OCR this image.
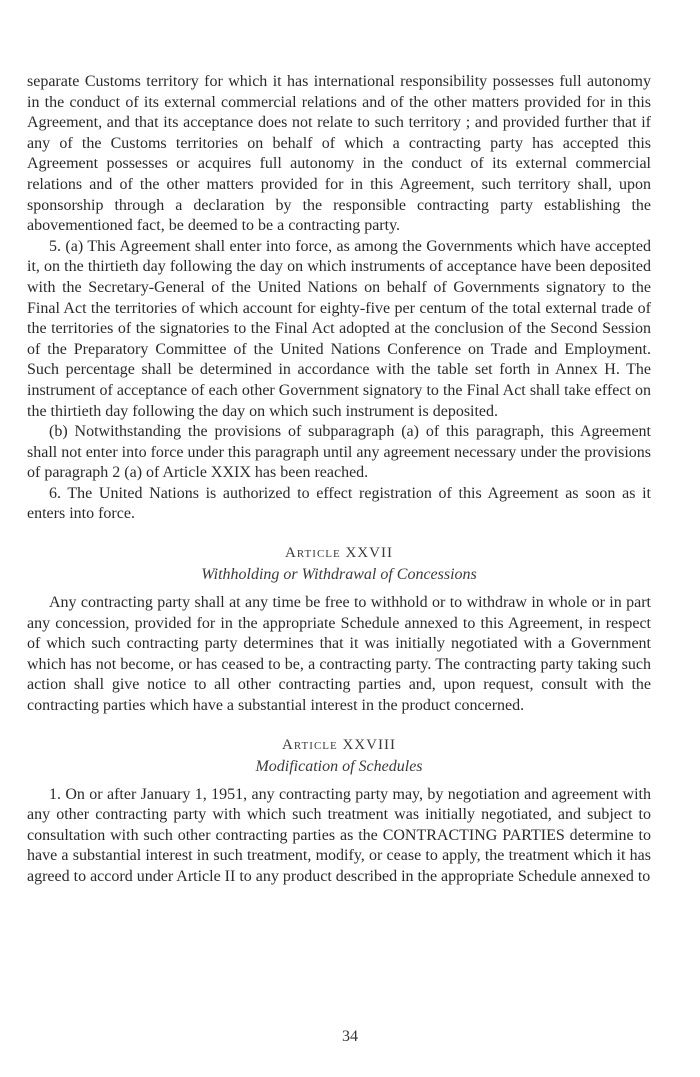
separate Customs territory for which it has international responsibility possesses full autonomy in the conduct of its external commercial relations and of the other matters provided for in this Agreement, and that its acceptance does not relate to such territory ; and provided further that if any of the Customs territories on behalf of which a contracting party has accepted this Agreement possesses or acquires full autonomy in the conduct of its external commercial relations and of the other matters provided for in this Agreement, such territory shall, upon sponsorship through a declaration by the responsible contracting party establishing the abovementioned fact, be deemed to be a contracting party.

5. (a) This Agreement shall enter into force, as among the Governments which have accepted it, on the thirtieth day following the day on which instruments of acceptance have been deposited with the Secretary-General of the United Nations on behalf of Governments signatory to the Final Act the territories of which account for eighty-five per centum of the total external trade of the territories of the signatories to the Final Act adopted at the conclusion of the Second Session of the Preparatory Committee of the United Nations Conference on Trade and Employment. Such percentage shall be determined in accordance with the table set forth in Annex H. The instrument of acceptance of each other Government signatory to the Final Act shall take effect on the thirtieth day following the day on which such instrument is deposited.

(b) Notwithstanding the provisions of subparagraph (a) of this paragraph, this Agreement shall not enter into force under this paragraph until any agreement necessary under the provisions of paragraph 2 (a) of Article XXIX has been reached.

6. The United Nations is authorized to effect registration of this Agreement as soon as it enters into force.

Article XXVII
Withholding or Withdrawal of Concessions

Any contracting party shall at any time be free to withhold or to withdraw in whole or in part any concession, provided for in the appropriate Schedule annexed to this Agreement, in respect of which such contracting party determines that it was initially negotiated with a Government which has not become, or has ceased to be, a contracting party. The contracting party taking such action shall give notice to all other contracting parties and, upon request, consult with the contracting parties which have a substantial interest in the product concerned.

Article XXVIII
Modification of Schedules

1. On or after January 1, 1951, any contracting party may, by negotiation and agreement with any other contracting party with which such treatment was initially negotiated, and subject to consultation with such other contracting parties as the CONTRACTING PARTIES determine to have a substantial interest in such treatment, modify, or cease to apply, the treatment which it has agreed to accord under Article II to any product described in the appropriate Schedule annexed to

34
